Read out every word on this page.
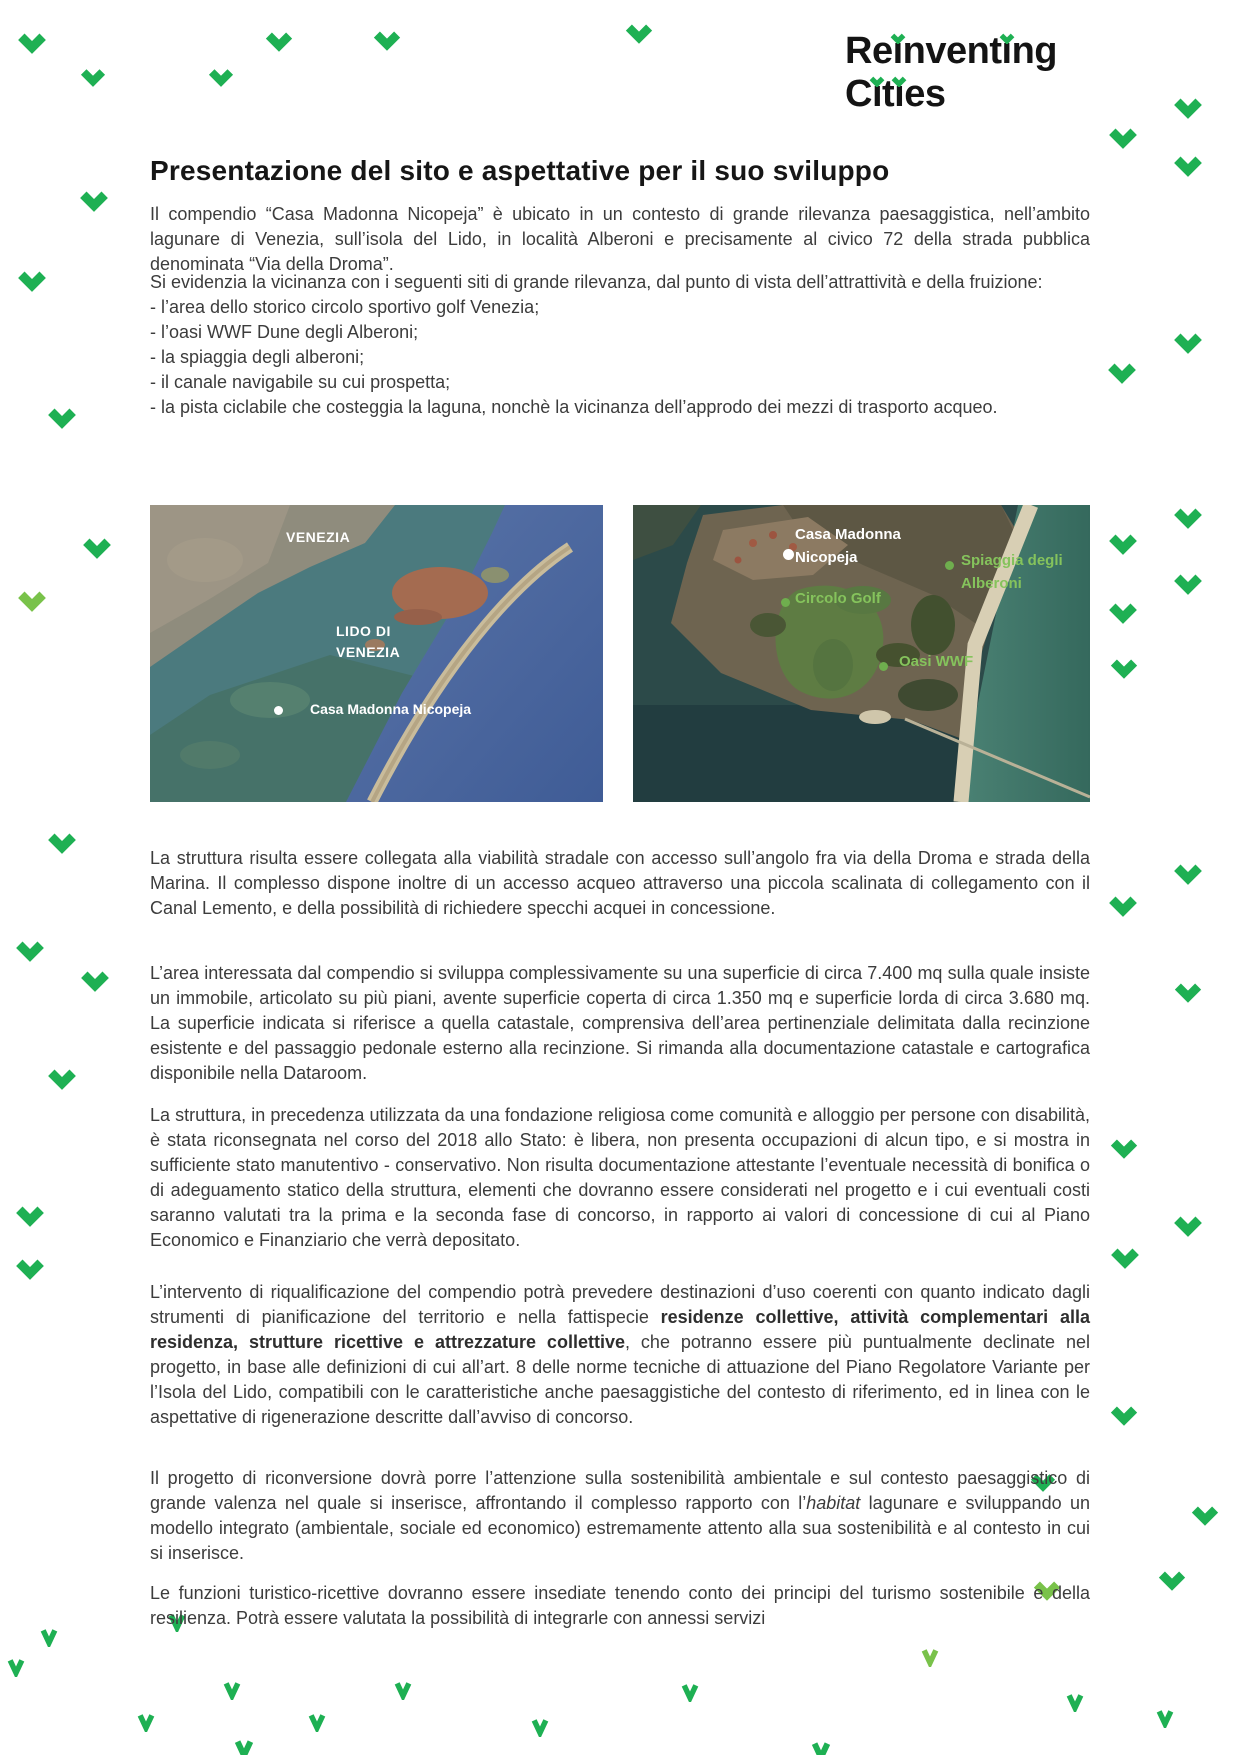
Re
ınvent
ıng
C
ıt
ıes
Presentazione del sito e aspettative per il suo sviluppo

Il compendio “Casa Madonna Nicopeja” è ubicato in un contesto di grande rilevanza paesaggistica, nell’ambito lagunare di Venezia, sull’isola del Lido, in località Alberoni e precisamente al civico 72 della strada pubblica denominata “Via della Droma”.

Si evidenzia la vicinanza con i seguenti siti di grande rilevanza, dal punto di vista dell’attrattività e della fruizione:
- l’area dello storico circolo sportivo golf Venezia;
- l’oasi WWF Dune degli Alberoni;
- la spiaggia degli alberoni;
- il canale navigabile su cui prospetta;
- la pista ciclabile che costeggia la laguna, nonchè la vicinanza dell’approdo dei mezzi di trasporto acqueo.
VENEZIA
LIDO DI
VENEZIA
Casa Madonna Nicopeja
Casa Madonna
Nicopeja	Spiaggia degli
Alberoni
Circolo Golf
Oasi WWF

La struttura risulta essere collegata alla viabilità stradale con accesso sull’angolo fra via della Droma e strada della Marina. Il complesso dispone inoltre di un accesso acqueo attraverso una piccola scalinata di collegamento con il Canal Lemento, e della possibilità di richiedere specchi acquei in concessione.

L’area interessata dal compendio si sviluppa complessivamente su una superficie di circa 7.400 mq sulla quale insiste un immobile, articolato su più piani, avente superficie coperta di circa 1.350 mq e superficie lorda di circa 3.680 mq. La superficie indicata si riferisce a quella catastale, comprensiva dell’area pertinenziale delimitata dalla recinzione esistente e del passaggio pedonale esterno alla recinzione. Si rimanda alla documentazione catastale e cartografica disponibile nella Dataroom.

La struttura, in precedenza utilizzata da una fondazione religiosa come comunità e alloggio per persone con disabilità, è stata riconsegnata nel corso del 2018 allo Stato: è libera, non presenta occupazioni di alcun tipo, e si mostra in sufficiente stato manutentivo - conservativo. Non risulta documentazione attestante l’eventuale necessità di bonifica o di adeguamento statico della struttura, elementi che dovranno essere considerati nel progetto e i cui eventuali costi saranno valutati tra la prima e la seconda fase di concorso, in rapporto ai valori di concessione di cui al Piano Economico e Finanziario che verrà depositato.

L’intervento di riqualificazione del compendio potrà prevedere destinazioni d’uso coerenti con quanto indicato dagli strumenti di pianificazione del territorio e nella fattispecie residenze collettive, attività complementari alla residenza, strutture ricettive e attrezzature collettive, che potranno essere più puntualmente declinate nel progetto, in base alle definizioni di cui all’art. 8 delle norme tecniche di attuazione del Piano Regolatore Variante per l’Isola del Lido, compatibili con le caratteristiche anche paesaggistiche del contesto di riferimento, ed in linea con le aspettative di rigenerazione descritte dall’avviso di concorso.

Il progetto di riconversione dovrà porre l’attenzione sulla sostenibilità ambientale e sul contesto paesaggistico di grande valenza nel quale si inserisce, affrontando il complesso rapporto con l’habitat lagunare e sviluppando un modello integrato (ambientale, sociale ed economico) estremamente attento alla sua sostenibilità e al contesto in cui si inserisce.

Le funzioni turistico-ricettive dovranno essere insediate tenendo conto dei principi del turismo sostenibile e della resilienza. Potrà essere valutata la possibilità di integrarle con annessi servizi
